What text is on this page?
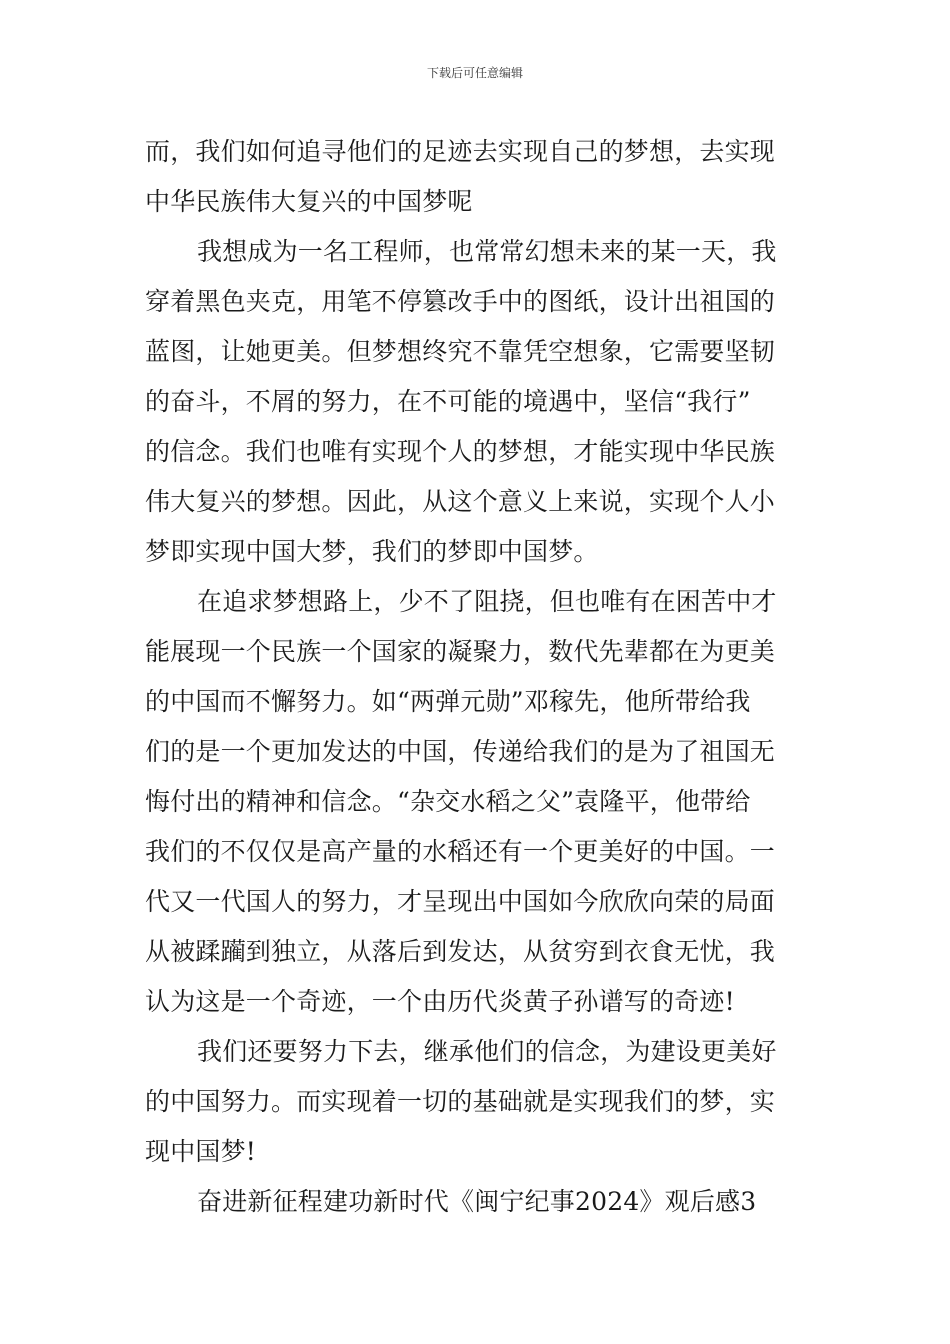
下载后可任意编辑
而，我们如何追寻他们的足迹去实现自己的梦想，去实现
中华民族伟大复兴的中国梦呢
我想成为一名工程师，也常常幻想未来的某一天，我
穿着黑色夹克，用笔不停篡改手中的图纸，设计出祖国的
蓝图，让她更美。但梦想终究不靠凭空想象，它需要坚韧
的奋斗，不屑的努力，在不可能的境遇中，坚信“我行”
的信念。我们也唯有实现个人的梦想，才能实现中华民族
伟大复兴的梦想。因此，从这个意义上来说，实现个人小
梦即实现中国大梦，我们的梦即中国梦。
在追求梦想路上，少不了阻挠，但也唯有在困苦中才
能展现一个民族一个国家的凝聚力，数代先辈都在为更美
的中国而不懈努力。如“两弹元勋”邓稼先，他所带给我
们的是一个更加发达的中国，传递给我们的是为了祖国无
悔付出的精神和信念。“杂交水稻之父”袁隆平，他带给
我们的不仅仅是高产量的水稻还有一个更美好的中国。一
代又一代国人的努力，才呈现出中国如今欣欣向荣的局面
从被蹂躏到独立，从落后到发达，从贫穷到衣食无忧，我
认为这是一个奇迹，一个由历代炎黄子孙谱写的奇迹!
我们还要努力下去，继承他们的信念，为建设更美好
的中国努力。而实现着一切的基础就是实现我们的梦，实
现中国梦!
奋进新征程建功新时代《闽宁纪事2024》观后感3
